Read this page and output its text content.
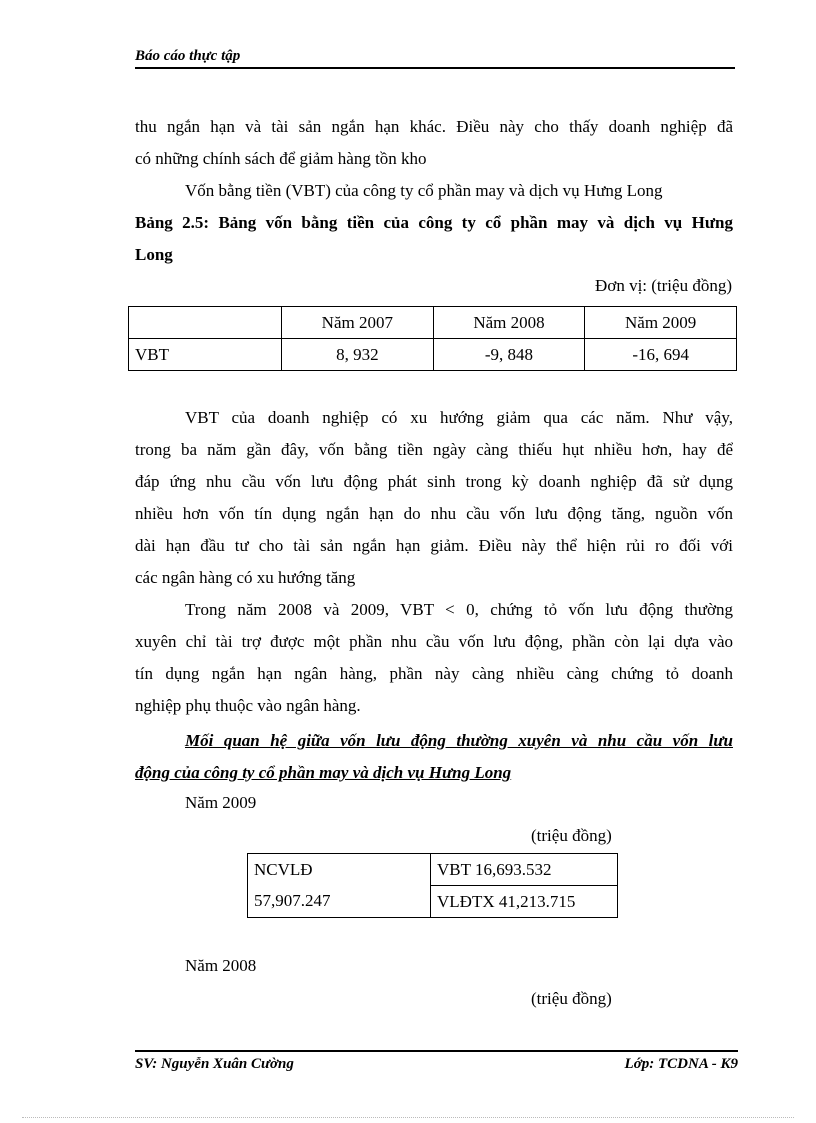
Báo cáo thực tập
thu ngắn hạn và tài sản ngắn hạn khác. Điều này cho thấy doanh nghiệp đã
có những chính sách để giảm hàng tồn kho
Vốn bằng tiền (VBT) của công ty cổ phần may và dịch vụ Hưng Long
Bảng 2.5: Bảng vốn bằng tiền của công ty cổ phần may và dịch vụ Hưng
Long
Đơn vị: (triệu đồng)
	Năm 2007	Năm 2008	Năm 2009
VBT	8, 932	-9, 848	-16, 694
VBT của doanh nghiệp có xu hướng giảm qua các năm. Như vậy,
trong ba năm gần đây, vốn bằng tiền ngày càng thiếu hụt nhiều hơn, hay để
đáp ứng nhu cầu vốn lưu động phát sinh trong kỳ doanh nghiệp đã sử dụng
nhiều hơn vốn tín dụng ngắn hạn do nhu cầu vốn lưu động tăng, nguồn vốn
dài hạn đầu tư cho tài sản ngắn hạn giảm. Điều này thể hiện rủi ro đối với
các ngân hàng có xu hướng tăng
Trong năm 2008 và 2009, VBT < 0, chứng tỏ vốn lưu động thường
xuyên chỉ tài trợ được một phần nhu cầu vốn lưu động, phần còn lại dựa vào
tín dụng ngắn hạn ngân hàng, phần này càng nhiều càng chứng tỏ doanh
nghiệp phụ thuộc vào ngân hàng.
Mối quan hệ giữa vốn lưu động thường xuyên và nhu cầu vốn lưu
động của công ty cổ phần may và dịch vụ Hưng Long
Năm 2009
(triệu đồng)
NCVLĐ	VBT 16,693.532
57,907.247	VLĐTX 41,213.715
Năm 2008
(triệu đồng)
SV: Nguyễn Xuân Cường	Lớp: TCDNA - K9
